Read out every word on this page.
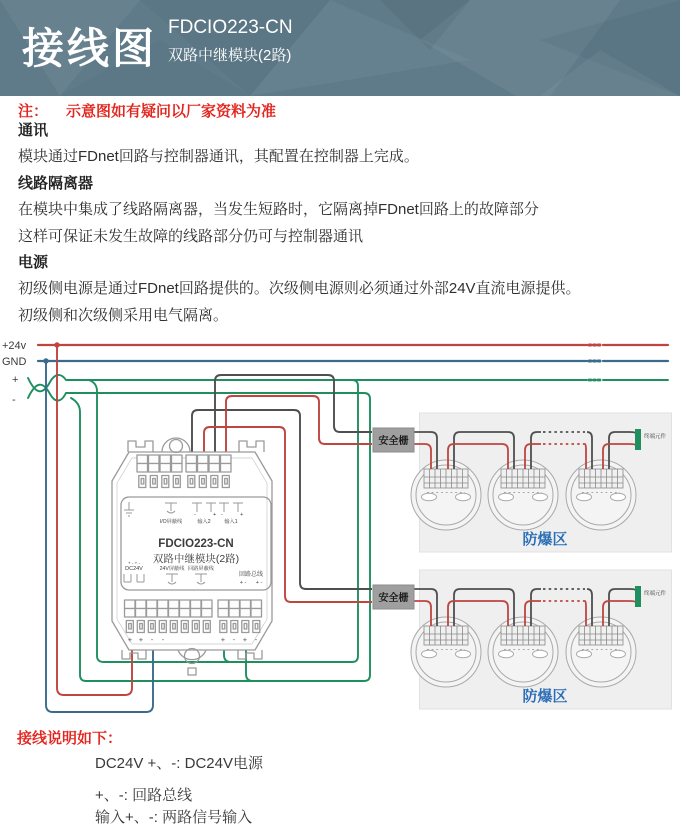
接线图 FDCIO223-CN
双路中继模块(2路)
注： 示意图如有疑问以厂家资料为准
通讯
模块通过FDnet回路与控制器通讯，其配置在控制器上完成。
线路隔离器
在模块中集成了线路隔离器，当发生短路时，它隔离掉FDnet回路上的故障部分
这样可保证未发生故障的线路部分仍可与控制器通讯
电源
初级侧电源是通过FDnet回路提供的。次级侧电源则必须通过外部24V直流电源提供。
初级侧和次级侧采用电气隔离。
+24v
GND
+
-
FDCIO223-CN
双路中继模块(2路)
I/O屏蔽线	输入2	输入1
-	+ -	+
DC24V	24V屏蔽线 回路屏蔽线
回路总线
+ - + -
+ - + -
+ + - -	+ - + -
终端元件
防爆区
安全栅
安全栅
接线说明如下：
DC24V +、-: DC24V电源
+、-: 回路总线
输入+、-: 两路信号输入
